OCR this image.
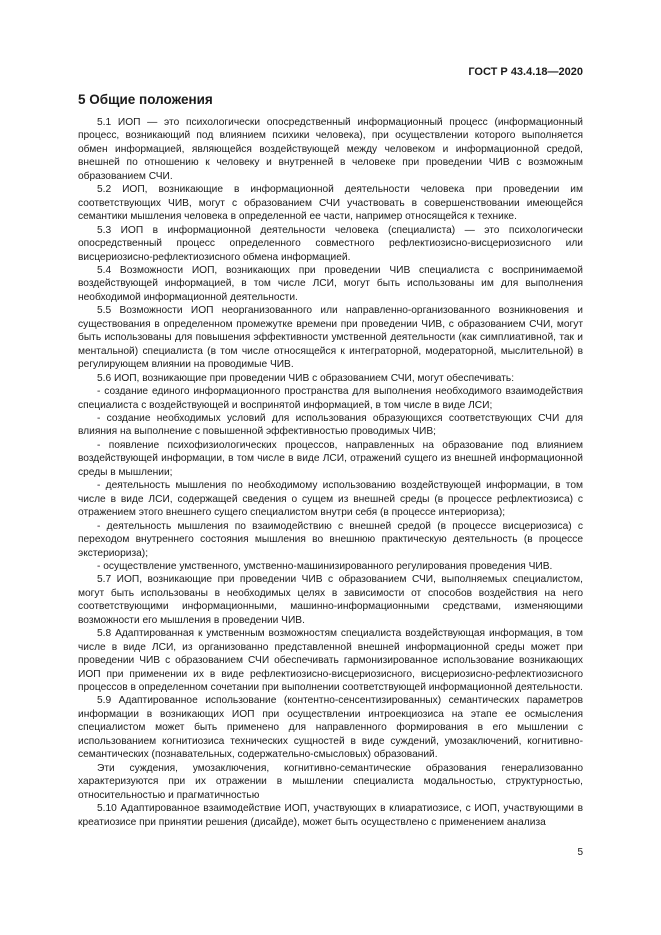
ГОСТ Р 43.4.18—2020
5 Общие положения

5.1 ИОП — это психологически опосредственный информационный процесс (информационный процесс, возникающий под влиянием психики человека), при осуществлении которого выполняется обмен информацией, являющейся воздействующей между человеком и информационной средой, внешней по отношению к человеку и внутренней в человеке при проведении ЧИВ с возможным образованием СЧИ.

5.2 ИОП, возникающие в информационной деятельности человека при проведении им соответствующих ЧИВ, могут с образованием СЧИ участвовать в совершенствовании имеющейся семантики мышления человека в определенной ее части, например относящейся к технике.

5.3 ИОП в информационной деятельности человека (специалиста) — это психологически опосредственный процесс определенного совместного рефлектиозисно-висцериозисного или висцериозисно-рефлектиозисного обмена информацией.

5.4 Возможности ИОП, возникающих при проведении ЧИВ специалиста с воспринимаемой воздействующей информацией, в том числе ЛСИ, могут быть использованы им для выполнения необходимой информационной деятельности.

5.5 Возможности ИОП неорганизованного или направленно-организованного возникновения и существования в определенном промежутке времени при проведении ЧИВ, с образованием СЧИ, могут быть использованы для повышения эффективности умственной деятельности (как симплиативной, так и ментальной) специалиста (в том числе относящейся к интеграторной, модераторной, мыслительной) в регулирующем влиянии на проводимые ЧИВ.

5.6 ИОП, возникающие при проведении ЧИВ с образованием СЧИ, могут обеспечивать:

- создание единого информационного пространства для выполнения необходимого взаимодействия специалиста с воздействующей и воспринятой информацией, в том числе в виде ЛСИ;

- создание необходимых условий для использования образующихся соответствующих СЧИ для влияния на выполнение с повышенной эффективностью проводимых ЧИВ;

- появление психофизиологических процессов, направленных на образование под влиянием воздействующей информации, в том числе в виде ЛСИ, отражений сущего из внешней информационной среды в мышлении;

- деятельность мышления по необходимому использованию воздействующей информации, в том числе в виде ЛСИ, содержащей сведения о сущем из внешней среды (в процессе рефлектиозиса) с отражением этого внешнего сущего специалистом внутри себя (в процессе интериориза);

- деятельность мышления по взаимодействию с внешней средой (в процессе висцериозиса) с переходом внутреннего состояния мышления во внешнюю практическую деятельность (в процессе экстериориза);

- осуществление умственного, умственно-машинизированного регулирования проведения ЧИВ.

5.7 ИОП, возникающие при проведении ЧИВ с образованием СЧИ, выполняемых специалистом, могут быть использованы в необходимых целях в зависимости от способов воздействия на него соответствующими информационными, машинно-информационными средствами, изменяющими возможности его мышления в проведении ЧИВ.

5.8 Адаптированная к умственным возможностям специалиста воздействующая информация, в том числе в виде ЛСИ, из организованно представленной внешней информационной среды может при проведении ЧИВ с образованием СЧИ обеспечивать гармонизированное использование возникающих ИОП при применении их в виде рефлектиозисно-висцериозисного, висцериозисно-рефлектиозисного процессов в определенном сочетании при выполнении соответствующей информационной деятельности.

5.9 Адаптированное использование (контентно-сенсентизированных) семантических параметров информации в возникающих ИОП при осуществлении интроекциозиса на этапе ее осмысления специалистом может быть применено для направленного формирования в его мышлении с использованием когнитиозиса технических сущностей в виде суждений, умозаключений, когнитивно-семантических (познавательных, содержательно-смысловых) образований.

Эти суждения, умозаключения, когнитивно-семантические образования генерализованно характеризуются при их отражении в мышлении специалиста модальностью, структурностью, относительностью и прагматичностью

5.10 Адаптированное взаимодействие ИОП, участвующих в клиаратиозисе, с ИОП, участвующими в креатиозисе при принятии решения (дисайде), может быть осуществлено с применением анализа

5
